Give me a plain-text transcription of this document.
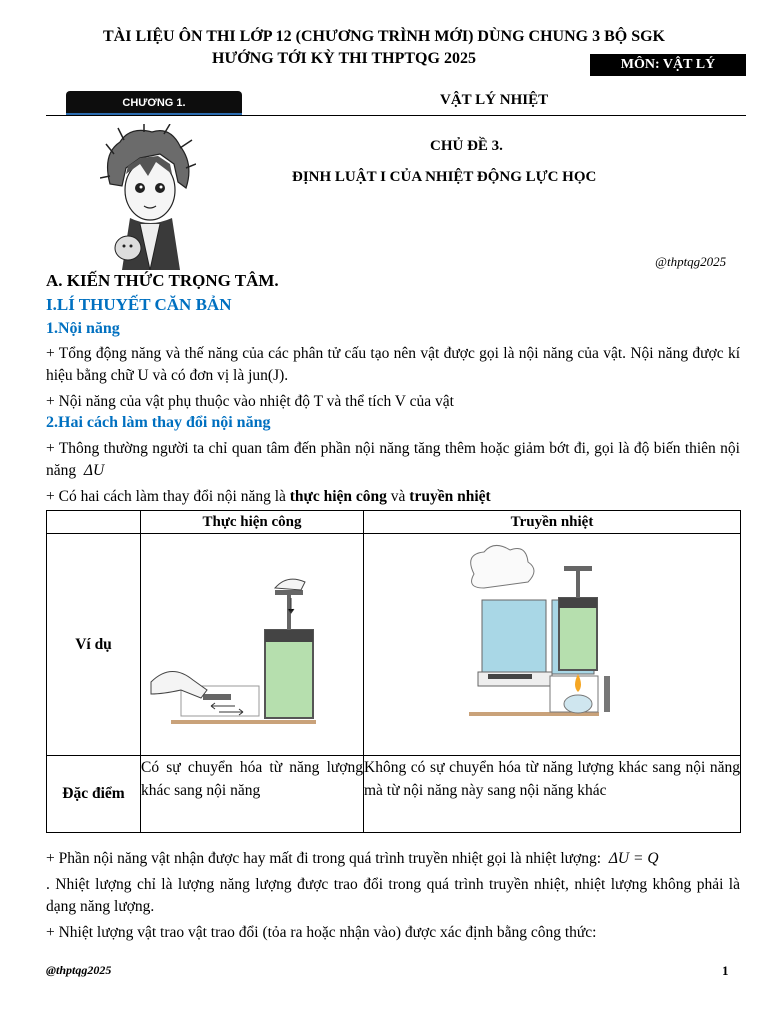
TÀI LIỆU ÔN THI LỚP 12 (CHƯƠNG TRÌNH MỚI) DÙNG CHUNG 3 BỘ SGK
HƯỚNG TỚI KỲ THI THPTQG 2025	MÔN: VẬT LÝ
CHƯƠNG 1.	VẬT LÝ NHIỆT
CHỦ ĐỀ 3.
ĐỊNH LUẬT I CỦA NHIỆT ĐỘNG LỰC HỌC
@thptqg2025
A. KIẾN THỨC TRỌNG TÂM.
I.LÍ THUYẾT CĂN BẢN
1.Nội năng
+ Tổng động năng và thế năng của các phân tử cấu tạo nên vật được gọi là nội năng của vật. Nội năng được kí hiệu bằng chữ U và có đơn vị là jun(J).
+ Nội năng của vật phụ thuộc vào nhiệt độ T và thể tích V của vật
2.Hai cách làm thay đổi nội năng
+ Thông thường người ta chỉ quan tâm đến phần nội năng tăng thêm hoặc giảm bớt đi, gọi là độ biến thiên nội năng ΔU
+ Có hai cách làm thay đổi nội năng là thực hiện công và truyền nhiệt
	Thực hiện công	Truyền nhiệt
Ví dụ		
Đặc điểm	Có sự chuyển hóa từ năng lượng khác sang nội năng	Không có sự chuyển hóa từ năng lượng khác sang nội năng mà từ nội năng này sang nội năng khác
+ Phần nội năng vật nhận được hay mất đi trong quá trình truyền nhiệt gọi là nhiệt lượng: ΔU = Q
. Nhiệt lượng chỉ là lượng năng lượng được trao đổi trong quá trình truyền nhiệt, nhiệt lượng không phải là dạng năng lượng.
+ Nhiệt lượng vật trao vật trao đổi (tỏa ra hoặc nhận vào) được xác định bằng công thức:
@thptqg2025	1
